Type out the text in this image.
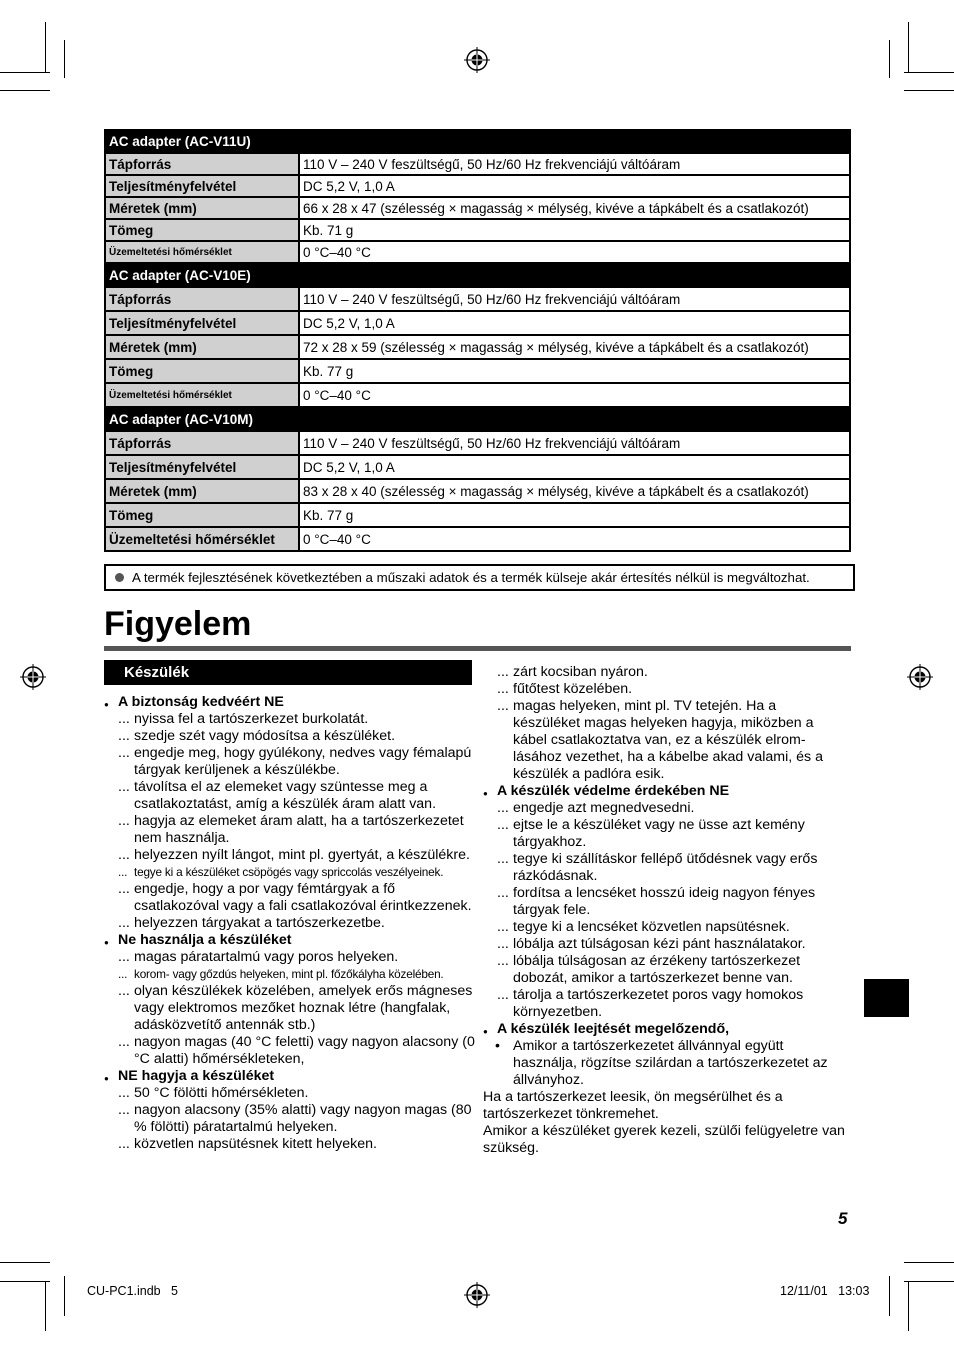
AC adapter (AC-V11U)	
Tápforrás	110 V – 240 V feszültségű, 50 Hz/60 Hz frekvenciájú váltóáram
Teljesítményfelvétel	DC 5,2 V, 1,0 A
Méretek (mm)	66 x 28 x 47 (szélesség × magasság × mélység, kivéve a tápkábelt és a csatlakozót)
Tömeg	Kb. 71 g
Üzemeltetési hőmérséklet	0 °C–40 °C
AC adapter (AC-V10E)	
Tápforrás	110 V – 240 V feszültségű, 50 Hz/60 Hz frekvenciájú váltóáram
Teljesítményfelvétel	DC 5,2 V, 1,0 A
Méretek (mm)	72 x 28 x 59 (szélesség × magasság × mélység, kivéve a tápkábelt és a csatlakozót)
Tömeg	Kb. 77 g
Üzemeltetési hőmérséklet	0 °C–40 °C
AC adapter (AC-V10M)	
Tápforrás	110 V – 240 V feszültségű, 50 Hz/60 Hz frekvenciájú váltóáram
Teljesítményfelvétel	DC 5,2 V, 1,0 A
Méretek (mm)	83 x 28 x 40 (szélesség × magasság × mélység, kivéve a tápkábelt és a csatlakozót)
Tömeg	Kb. 77 g
Üzemeltetési hőmérséklet	0 °C–40 °C
A termék fejlesztésének következtében a műszaki adatok és a termék külseje akár értesítés nélkül is megváltozhat.
Figyelem
Készülék
● A biztonság kedvéért NE
... nyissa fel a tartószerkezet burkolatát.
... szedje szét vagy módosítsa a készüléket.
... engedje meg, hogy gyúlékony, nedves vagy fémalapú tárgyak kerüljenek a készülékbe.
... távolítsa el az elemeket vagy szüntesse meg a csatlakoztatást, amíg a készülék áram alatt van.
... hagyja az elemeket áram alatt, ha a tartószerkezetet nem használja.
... helyezzen nyílt lángot, mint pl. gyertyát, a készülékre.
... tegye ki a készüléket csöpögés vagy spriccolás veszélyeinek.
... engedje, hogy a por vagy fémtárgyak a fő csatlakozóval vagy a fali csatlakozóval érintkezzenek.
... helyezzen tárgyakat a tartószerkezetbe.
● Ne használja a készüléket
... magas páratartalmú vagy poros helyeken.
... korom- vagy gőzdús helyeken, mint pl. főzőkályha közelében.
... olyan készülékek közelében, amelyek erős mágneses vagy elektromos mezőket hoznak létre (hangfalak, adásközvetítő antennák stb.)
... nagyon magas (40 °C feletti) vagy nagyon alacsony (0 °C alatti) hőmérsékleteken,
● NE hagyja a készüléket
... 50 °C fölötti hőmérsékleten.
... nagyon alacsony (35% alatti) vagy nagyon magas (80 % fölötti) páratartalmú helyeken.
... közvetlen napsütésnek kitett helyeken.
... zárt kocsiban nyáron.
... fűtőtest közelében.
... magas helyeken, mint pl. TV tetején. Ha a készüléket magas helyeken hagyja, miközben a kábel csatlakoztatva van, ez a készülék elromlásához vezethet, ha a kábelbe akad valami, és a készülék a padlóra esik.
● A készülék védelme érdekében NE
... engedje azt megnedvesedni.
... ejtse le a készüléket vagy ne üsse azt kemény tárgyakhoz.
... tegye ki szállításkor fellépő ütődésnek vagy erős rázkódásnak.
... fordítsa a lencséket hosszú ideig nagyon fényes tárgyak fele.
... tegye ki a lencséket közvetlen napsütésnek.
... lóbálja azt túlságosan kézi pánt használatakor.
... lóbálja túlságosan az érzékeny tartószerkezet dobozát, amikor a tartószerkezet benne van.
... tárolja a tartószerkezetet poros vagy homokos környezetben.
● A készülék leejtését megelőzendő,
• Amikor a tartószerkezetet állvánnyal együtt használja, rögzítse szilárdan a tartószerkezetet az állványhoz.
Ha a tartószerkezet leesik, ön megsérülhet és a tartószerkezet tönkremehet.
Amikor a készüléket gyerek kezeli, szülői felügyeletre van szükség.
5
CU-PC1.indb   5	12/11/01   13:03
